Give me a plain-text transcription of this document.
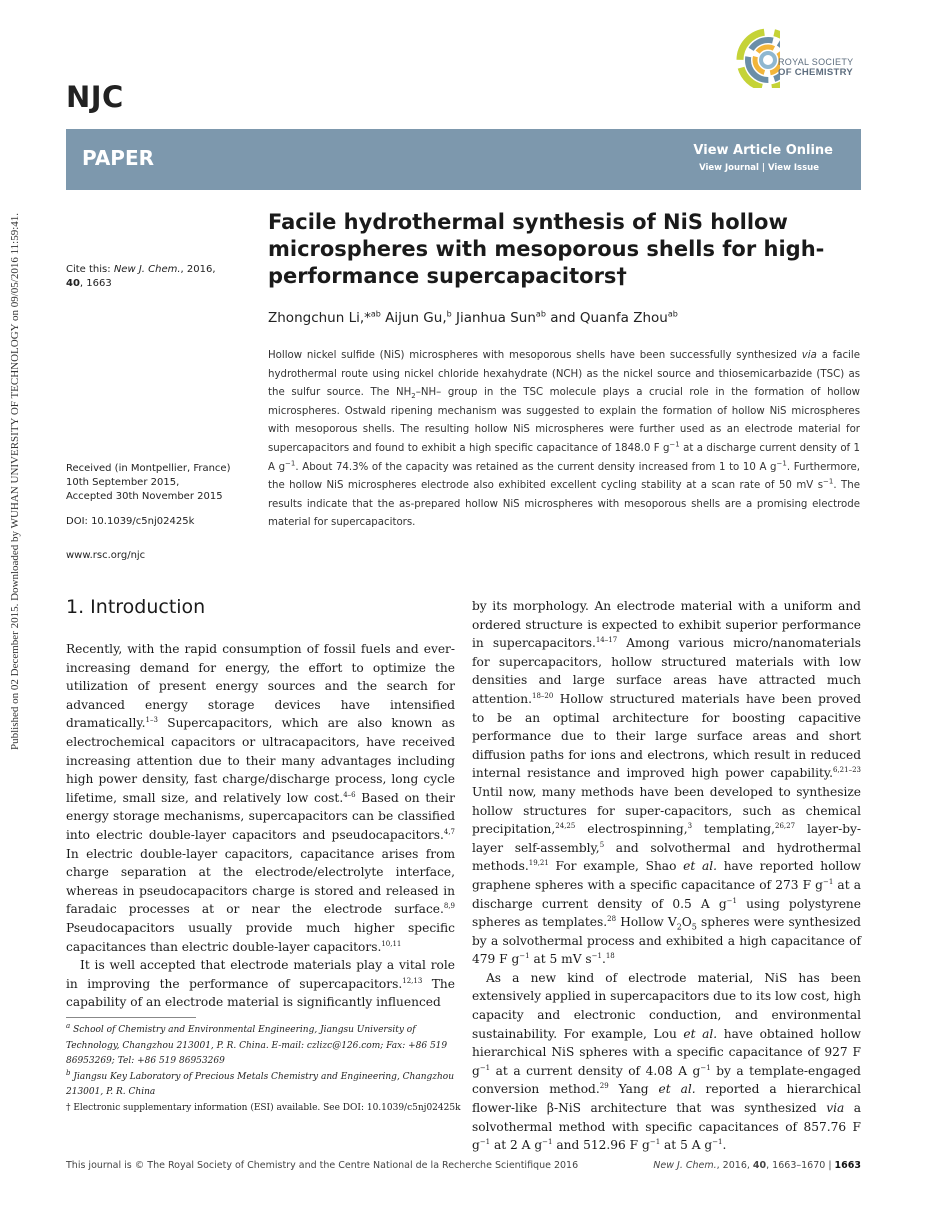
Published on 02 December 2015. Downloaded by WUHAN UNIVERSITY OF TECHNOLOGY on 09/05/2016 11:59:41.
ROYAL SOCIETY
OF CHEMISTRY
NJC
PAPER	View Article Online
View Journal | View Issue
Cite this: New J. Chem., 2016,
40, 1663
Received (in Montpellier, France)
10th September 2015,
Accepted 30th November 2015
DOI: 10.1039/c5nj02425k
www.rsc.org/njc
Facile hydrothermal synthesis of NiS hollow microspheres with mesoporous shells for high-performance supercapacitors†
Zhongchun Li,*$^{ab}$ Aijun Gu,$^b$ Jianhua Sun$^{ab}$ and Quanfa Zhou$^{ab}$
Hollow nickel sulfide (NiS) microspheres with mesoporous shells have been successfully synthesized via a facile hydrothermal route using nickel chloride hexahydrate (NCH) as the nickel source and thiosemicarbazide (TSC) as the sulfur source. The $NH_2-NH-$ group in the TSC molecule plays a crucial role in the formation of hollow microspheres. Ostwald ripening mechanism was suggested to explain the formation of hollow NiS microspheres with mesoporous shells. The resulting hollow NiS microspheres were further used as an electrode material for supercapacitors and found to exhibit a high specific capacitance of 1848.0 F $g^{-1}$ at a discharge current density of 1 A $g^{-1}$. About 74.3% of the capacity was retained as the current density increased from 1 to 10 A $g^{-1}$. Furthermore, the hollow NiS microspheres electrode also exhibited excellent cycling stability at a scan rate of 50 mV $s^{-1}$. The results indicate that the as-prepared hollow NiS microspheres with mesoporous shells are a promising electrode material for supercapacitors.
1. Introduction

Recently, with the rapid consumption of fossil fuels and ever-increasing demand for energy, the effort to optimize the utilization of present energy sources and the search for advanced energy storage devices have intensified dramatically.$^{1-3}$ Supercapacitors, which are also known as electrochemical capacitors or ultracapacitors, have received increasing attention due to their many advantages including high power density, fast charge/discharge process, long cycle lifetime, small size, and relatively low cost.$^{4-6}$ Based on their energy storage mechanisms, supercapacitors can be classified into electric double-layer capacitors and pseudocapacitors.$^{4,7}$ In electric double-layer capacitors, capacitance arises from charge separation at the electrode/electrolyte interface, whereas in pseudocapacitors charge is stored and released in faradaic processes at or near the electrode surface.$^{8,9}$ Pseudocapacitors usually provide much higher specific capacitances than electric double-layer capacitors.$^{10,11}$

It is well accepted that electrode materials play a vital role in improving the performance of supercapacitors.$^{12,13}$ The capability of an electrode material is significantly influenced

by its morphology. An electrode material with a uniform and ordered structure is expected to exhibit superior performance in supercapacitors.$^{14-17}$ Among various micro/nanomaterials for supercapacitors, hollow structured materials with low densities and large surface areas have attracted much attention.$^{18-20}$ Hollow structured materials have been proved to be an optimal architecture for boosting capacitive performance due to their large surface areas and short diffusion paths for ions and electrons, which result in reduced internal resistance and improved high power capability.$^{6,21-23}$ Until now, many methods have been developed to synthesize hollow structures for super-capacitors, such as chemical precipitation,$^{24,25}$ electrospinning,$^3$ templating,$^{26,27}$ layer-by-layer self-assembly,$^5$ and solvothermal and hydrothermal methods.$^{19,21}$ For example, Shao et al. have reported hollow graphene spheres with a specific capacitance of 273 F $g^{-1}$ at a discharge current density of 0.5 A $g^{-1}$ using polystyrene spheres as templates.$^{28}$ Hollow $V_2O_5$ spheres were synthesized by a solvothermal process and exhibited a high capacitance of 479 F $g^{-1}$ at 5 mV $s^{-1}.^{18}$

As a new kind of electrode material, NiS has been extensively applied in supercapacitors due to its low cost, high capacity and electronic conduction, and environmental sustainability. For example, Lou et al. have obtained hollow hierarchical NiS spheres with a specific capacitance of 927 F $g^{-1}$ at a current density of 4.08 A $g^{-1}$ by a template-engaged conversion method.$^{29}$ Yang et al. reported a hierarchical flower-like β-NiS architecture that was synthesized via a solvothermal method with specific capacitances of 857.76 F $g^{-1}$ at 2 A $g^{-1}$ and 512.96 F $g^{-1}$ at 5 A $g^{-1}$.

$^a$ School of Chemistry and Environmental Engineering, Jiangsu University of Technology, Changzhou 213001, P. R. China. E-mail: czlizc@126.com; Fax: +86 519 86953269; Tel: +86 519 86953269

$^b$ Jiangsu Key Laboratory of Precious Metals Chemistry and Engineering, Changzhou 213001, P. R. China

† Electronic supplementary information (ESI) available. See DOI: 10.1039/c5nj02425k

This journal is © The Royal Society of Chemistry and the Centre National de la Recherche Scientifique 2016	New J. Chem., 2016, 40, 1663–1670 | 1663
